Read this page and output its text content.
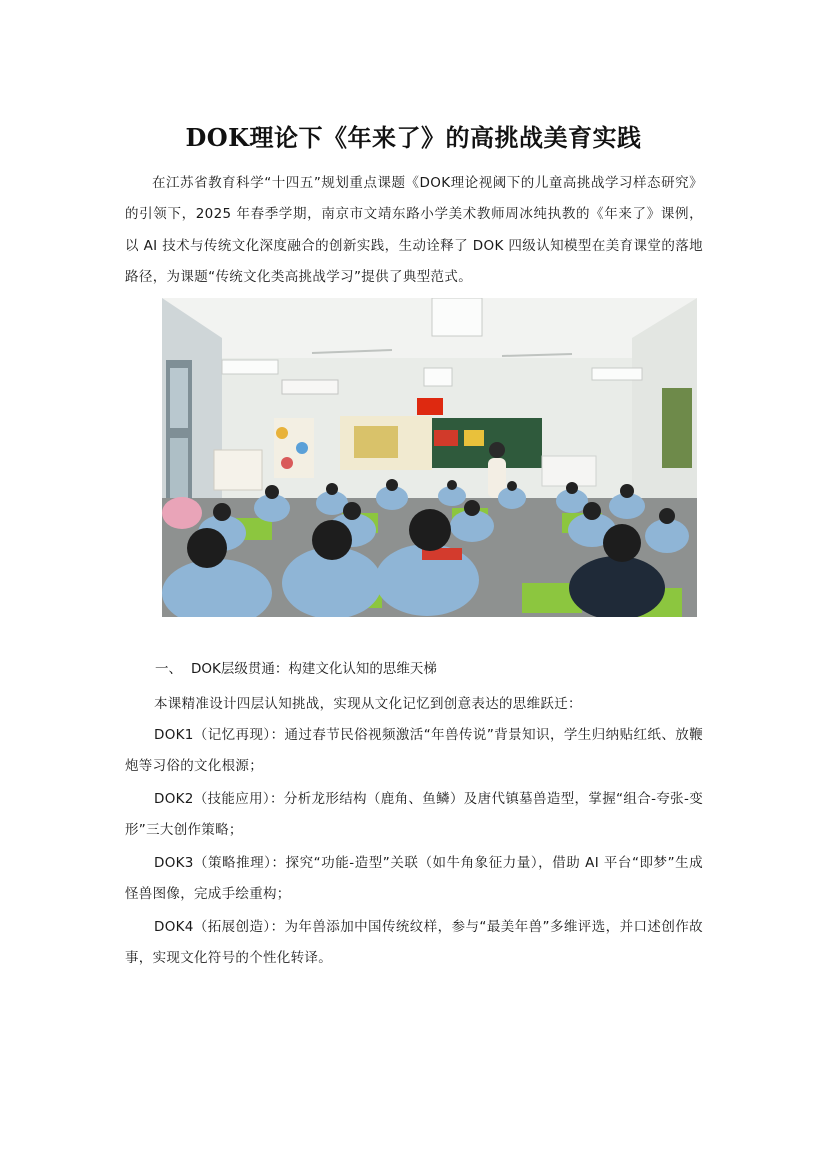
DOK理论下《年来了》的高挑战美育实践

在江苏省教育科学“十四五”规划重点课题《DOK理论视阈下的儿童高挑战学习样态研究》的引领下，2025 年春季学期，南京市文靖东路小学美术教师周冰纯执教的《年来了》课例，以 AI 技术与传统文化深度融合的创新实践，生动诠释了 DOK 四级认知模型在美育课堂的落地路径，为课题“传统文化类高挑战学习”提供了典型范式。

一、 DOK层级贯通：构建文化认知的思维天梯

本课精准设计四层认知挑战，实现从文化记忆到创意表达的思维跃迁：

DOK1（记忆再现）：通过春节民俗视频激活“年兽传说”背景知识，学生归纳贴红纸、放鞭炮等习俗的文化根源；

DOK2（技能应用）：分析龙形结构（鹿角、鱼鳞）及唐代镇墓兽造型，掌握“组合-夸张-变形”三大创作策略；

DOK3（策略推理）：探究“功能-造型”关联（如牛角象征力量），借助 AI 平台“即梦”生成怪兽图像，完成手绘重构；

DOK4（拓展创造）：为年兽添加中国传统纹样，参与“最美年兽”多维评选，并口述创作故事，实现文化符号的个性化转译。
